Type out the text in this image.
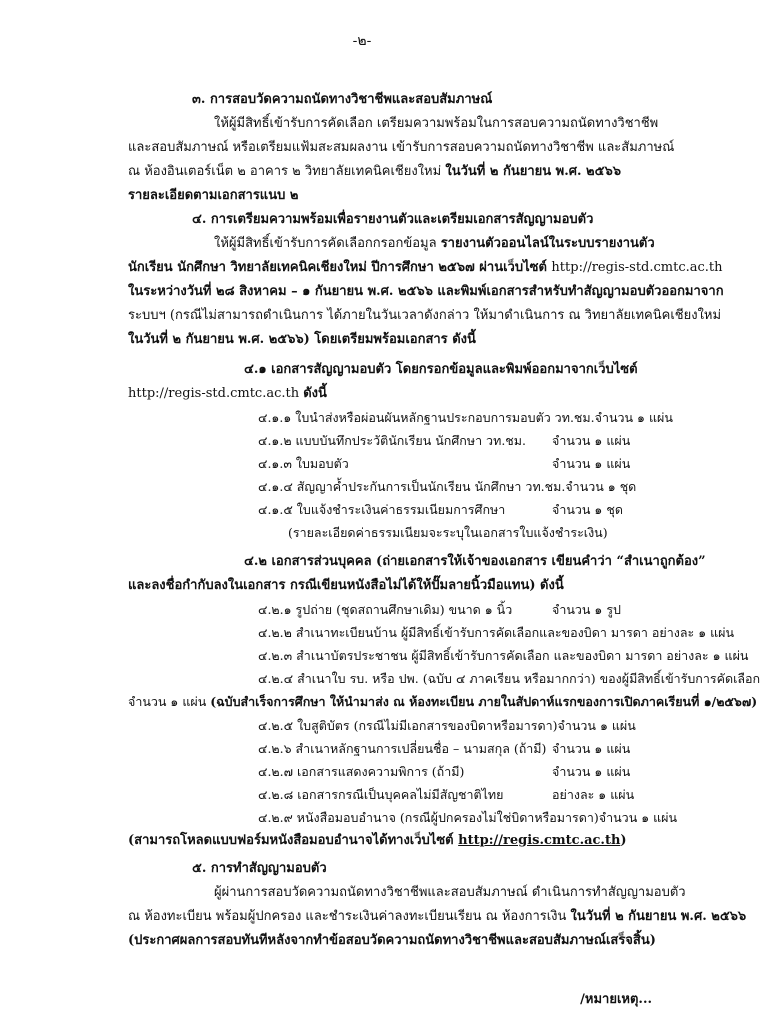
-๒-
๓. การสอบวัดความถนัดทางวิชาชีพและสอบสัมภาษณ์
ให้ผู้มีสิทธิ์เข้ารับการคัดเลือก เตรียมความพร้อมในการสอบความถนัดทางวิชาชีพ
และสอบสัมภาษณ์ หรือเตรียมแฟ้มสะสมผลงาน เข้ารับการสอบความถนัดทางวิชาชีพ และสัมภาษณ์
ณ ห้องอินเตอร์เน็ต ๒ อาคาร ๒ วิทยาลัยเทคนิคเชียงใหม่ ในวันที่ ๒ กันยายน พ.ศ. ๒๕๖๖
รายละเอียดตามเอกสารแนบ ๒
๔. การเตรียมความพร้อมเพื่อรายงานตัวและเตรียมเอกสารสัญญามอบตัว
ให้ผู้มีสิทธิ์เข้ารับการคัดเลือกกรอกข้อมูล รายงานตัวออนไลน์ในระบบรายงานตัว
นักเรียน นักศึกษา วิทยาลัยเทคนิคเชียงใหม่ ปีการศึกษา ๒๕๖๗ ผ่านเว็บไซต์ http://regis-std.cmtc.ac.th
ในระหว่างวันที่ ๒๘ สิงหาคม – ๑ กันยายน พ.ศ. ๒๕๖๖ และพิมพ์เอกสารสำหรับทำสัญญามอบตัวออกมาจาก
ระบบฯ (กรณีไม่สามารถดำเนินการ ได้ภายในวันเวลาดังกล่าว ให้มาดำเนินการ ณ วิทยาลัยเทคนิคเชียงใหม่
ในวันที่ ๒ กันยายน พ.ศ. ๒๕๖๖) โดยเตรียมพร้อมเอกสาร ดังนี้
๔.๑ เอกสารสัญญามอบตัว โดยกรอกข้อมูลและพิมพ์ออกมาจากเว็บไซต์
http://regis-std.cmtc.ac.th ดังนี้
๔.๑.๑ ใบนำส่งหรือผ่อนผันหลักฐานประกอบการมอบตัว วท.ชม. จำนวน ๑ แผ่น
๔.๑.๒ แบบบันทึกประวัตินักเรียน นักศึกษา วท.ชม.	จำนวน ๑ แผ่น
๔.๑.๓ ใบมอบตัว	จำนวน ๑ แผ่น
๔.๑.๔ สัญญาค้ำประกันการเป็นนักเรียน นักศึกษา วท.ชม. จำนวน ๑ ชุด
๔.๑.๕ ใบแจ้งชำระเงินค่าธรรมเนียมการศึกษา	จำนวน ๑ ชุด
(รายละเอียดค่าธรรมเนียมจะระบุในเอกสารใบแจ้งชำระเงิน)
๔.๒ เอกสารส่วนบุคคล (ถ่ายเอกสารให้เจ้าของเอกสาร เขียนคำว่า “สำเนาถูกต้อง”
และลงชื่อกำกับลงในเอกสาร กรณีเขียนหนังสือไม่ได้ให้ปั๊มลายนิ้วมือแทน) ดังนี้
๔.๒.๑ รูปถ่าย (ชุดสถานศึกษาเดิม) ขนาด ๑ นิ้ว	จำนวน ๑ รูป
๔.๒.๒ สำเนาทะเบียนบ้าน ผู้มีสิทธิ์เข้ารับการคัดเลือกและของบิดา มารดา อย่างละ ๑ แผ่น
๔.๒.๓ สำเนาบัตรประชาชน ผู้มีสิทธิ์เข้ารับการคัดเลือก และของบิดา มารดา อย่างละ ๑ แผ่น
๔.๒.๔ สำเนาใบ รบ. หรือ ปพ. (ฉบับ ๔ ภาคเรียน หรือมากกว่า) ของผู้มีสิทธิ์เข้ารับการคัดเลือก
จำนวน ๑ แผ่น (ฉบับสำเร็จการศึกษา ให้นำมาส่ง ณ ห้องทะเบียน ภายในสัปดาห์แรกของการเปิดภาคเรียนที่ ๑/๒๕๖๗)
๔.๒.๕ ใบสูติบัตร (กรณีไม่มีเอกสารของบิดาหรือมารดา) จำนวน ๑ แผ่น
๔.๒.๖ สำเนาหลักฐานการเปลี่ยนชื่อ – นามสกุล (ถ้ามี) จำนวน ๑ แผ่น
๔.๒.๗ เอกสารแสดงความพิการ (ถ้ามี)	จำนวน ๑ แผ่น
๔.๒.๘ เอกสารกรณีเป็นบุคคลไม่มีสัญชาติไทย	อย่างละ ๑ แผ่น
๔.๒.๙ หนังสือมอบอำนาจ (กรณีผู้ปกครองไม่ใช่บิดาหรือมารดา) จำนวน ๑ แผ่น
(สามารถโหลดแบบฟอร์มหนังสือมอบอำนาจได้ทางเว็บไซต์ http://regis.cmtc.ac.th)
๕. การทำสัญญามอบตัว
ผู้ผ่านการสอบวัดความถนัดทางวิชาชีพและสอบสัมภาษณ์ ดำเนินการทำสัญญามอบตัว
ณ ห้องทะเบียน พร้อมผู้ปกครอง และชำระเงินค่าลงทะเบียนเรียน ณ ห้องการเงิน ในวันที่ ๒ กันยายน พ.ศ. ๒๕๖๖
(ประกาศผลการสอบทันทีหลังจากทำข้อสอบวัดความถนัดทางวิชาชีพและสอบสัมภาษณ์เสร็จสิ้น)
/หมายเหตุ...
